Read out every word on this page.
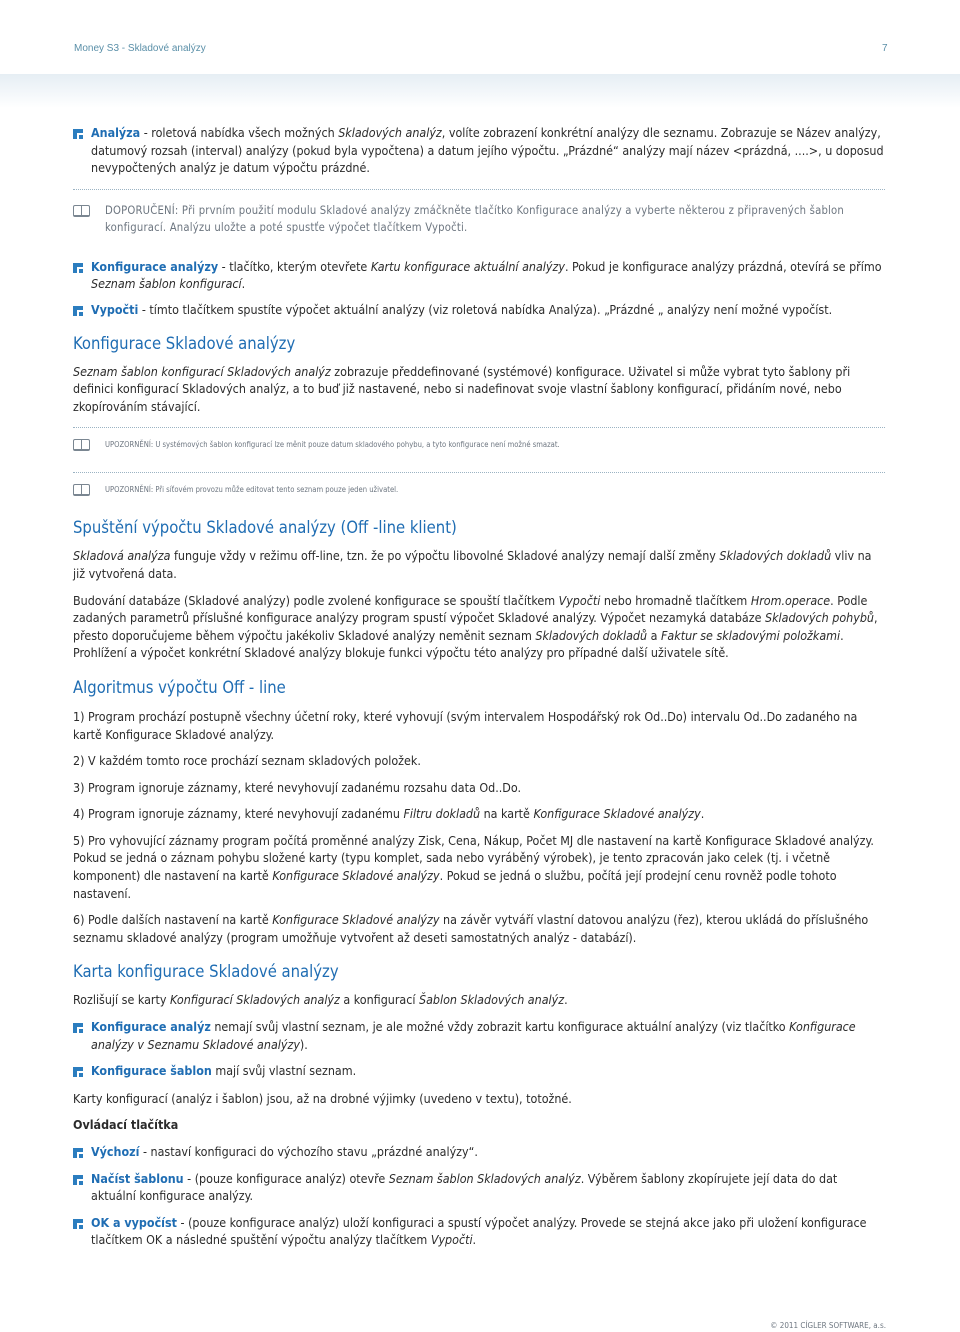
Money S3 - Skladové analýzy	7
Analýza - roletová nabídka všech možných Skladových analýz, volíte zobrazení konkrétní analýzy dle seznamu. Zobrazuje se Název analýzy, datumový rozsah (interval) analýzy (pokud byla vypočtena) a datum jejího výpočtu. „Prázdné“ analýzy mají název <prázdná, ....>, u doposud nevypočtených analýz je datum výpočtu prázdné.
DOPORUČENÍ: Při prvním použití modulu Skladové analýzy zmáčkněte tlačítko Konfigurace analýzy a vyberte některou z připravených šablon konfigurací. Analýzu uložte a poté spustťe výpočet tlačítkem Vypočti.
Konfigurace analýzy - tlačítko, kterým otevřete Kartu konfigurace aktuální analýzy. Pokud je konfigurace analýzy prázdná, otevírá se přímo Seznam šablon konfigurací.
Vypočti - tímto tlačítkem spustíte výpočet aktuální analýzy (viz roletová nabídka Analýza). „Prázdné „ analýzy není možné vypočíst.
Konfigurace Skladové analýzy

Seznam šablon konfigurací Skladových analýz zobrazuje předdefinované (systémové) konfigurace. Uživatel si může vybrat tyto šablony při definici konfigurací Skladových analýz, a to buď již nastavené, nebo si nadefinovat svoje vlastní šablony konfigurací, přidáním nové, nebo zkopírováním stávající.

UPOZORNĚNÍ: U systémových šablon konfigurací lze měnit pouze datum skladového pohybu, a tyto konfigurace není možné smazat.
UPOZORNĚNÍ: Při síťovém provozu může editovat tento seznam pouze jeden uživatel.
Spuštění výpočtu Skladové analýzy (Off -line klient)

Skladová analýza funguje vždy v režimu off-line, tzn. že po výpočtu libovolné Skladové analýzy nemají další změny Skladových dokladů vliv na již vytvořená data.

Budování databáze (Skladové analýzy) podle zvolené konfigurace se spouští tlačítkem Vypočti nebo hromadně tlačítkem Hrom.operace. Podle zadaných parametrů příslušné konfigurace analýzy program spustí výpočet Skladové analýzy. Výpočet nezamyká databáze Skladových pohybů, přesto doporučujeme během výpočtu jakékoliv Skladové analýzy neměnit seznam Skladových dokladů a Faktur se skladovými položkami. Prohlížení a výpočet konkrétní Skladové analýzy blokuje funkci výpočtu této analýzy pro případné další uživatele sítě.

Algoritmus výpočtu Off - line

1) Program prochází postupně všechny účetní roky, které vyhovují (svým intervalem Hospodářský rok Od..Do) intervalu Od..Do zadaného na kartě Konfigurace Skladové analýzy.

2) V každém tomto roce prochází seznam skladových položek.

3) Program ignoruje záznamy, které nevyhovují zadanému rozsahu data Od..Do.

4) Program ignoruje záznamy, které nevyhovují zadanému Filtru dokladů na kartě Konfigurace Skladové analýzy.

5) Pro vyhovující záznamy program počítá proměnné analýzy Zisk, Cena, Nákup, Počet MJ dle nastavení na kartě Konfigurace Skladové analýzy. Pokud se jedná o záznam pohybu složené karty (typu komplet, sada nebo vyráběný výrobek), je tento zpracován jako celek (tj. i včetně komponent) dle nastavení na kartě Konfigurace Skladové analýzy. Pokud se jedná o službu, počítá její prodejní cenu rovněž podle tohoto nastavení.

6) Podle dalších nastavení na kartě Konfigurace Skladové analýzy na závěr vytváří vlastní datovou analýzu (řez), kterou ukládá do příslušného seznamu skladové analýzy (program umožňuje vytvořent až deseti samostatných analýz - databází).

Karta konfigurace Skladové analýzy

Rozlišují se karty Konfigurací Skladových analýz a konfigurací Šablon Skladových analýz.

Konfigurace analýz nemají svůj vlastní seznam, je ale možné vždy zobrazit kartu konfigurace aktuální analýzy (viz tlačítko Konfigurace analýzy v Seznamu Skladové analýzy).
Konfigurace šablon mají svůj vlastní seznam.

Karty konfigurací (analýz i šablon) jsou, až na drobné výjimky (uvedeno v textu), totožné.

Ovládací tlačítka
Výchozí - nastaví konfiguraci do výchozího stavu „prázdné analýzy“.
Načíst šablonu - (pouze konfigurace analýz) otevře Seznam šablon Skladových analýz. Výběrem šablony zkopírujete její data do dat aktuální konfigurace analýzy.
OK a vypočíst - (pouze konfigurace analýz) uloží konfiguraci a spustí výpočet analýzy. Provede se stejná akce jako při uložení konfigurace tlačítkem OK a následné spuštění výpočtu analýzy tlačítkem Vypočti.
© 2011 CÍGLER SOFTWARE, a.s.
